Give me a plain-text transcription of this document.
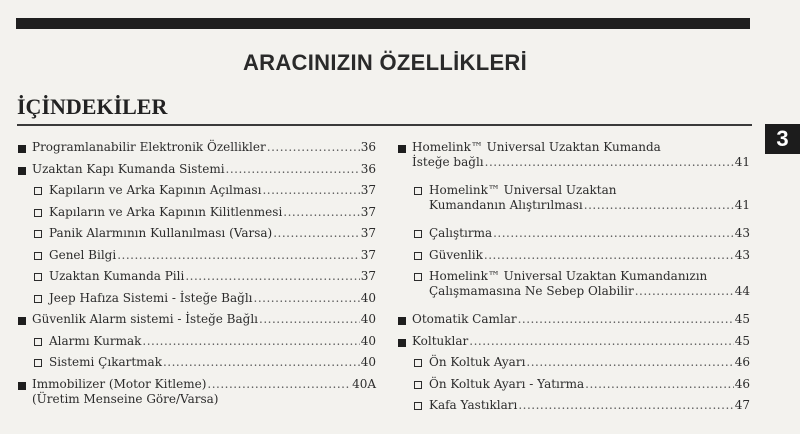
3
ARACINIZIN ÖZELLİKLERİ
İÇİNDEKİLER
Programlanabilir Elektronik Özellikler .....	36
Uzaktan Kapı Kumanda Sistemi .....	36
Kapıların ve Arka Kapının Açılması .....	37
Kapıların ve Arka Kapının Kilitlenmesi .....	37
Panik Alarmının Kullanılması (Varsa) .....	37
Genel Bilgi .....	37
Uzaktan Kumanda Pili .....	37
Jeep Hafıza Sistemi - İsteğe Bağlı .....	40
Güvenlik Alarm sistemi - İsteğe Bağlı .....	40
Alarmı Kurmak .....	40
Sistemi Çıkartmak .....	40
Immobilizer (Motor Kitleme) .....	40A
(Üretim Menseine Göre/Varsa)
Homelink™ Universal Uzaktan Kumanda
İsteğe bağlı .....	41
Homelink™ Universal Uzaktan
Kumandanın Alıştırılması .....	41
Çalıştırma .....	43
Güvenlik .....	43
Homelink™ Universal Uzaktan Kumandanızın
Çalışmamasına Ne Sebep Olabilir .....	44
Otomatik Camlar .....	45
Koltuklar .....	45
Ön Koltuk Ayarı .....	46
Ön Koltuk Ayarı - Yatırma .....	46
Kafa Yastıkları .....	47
